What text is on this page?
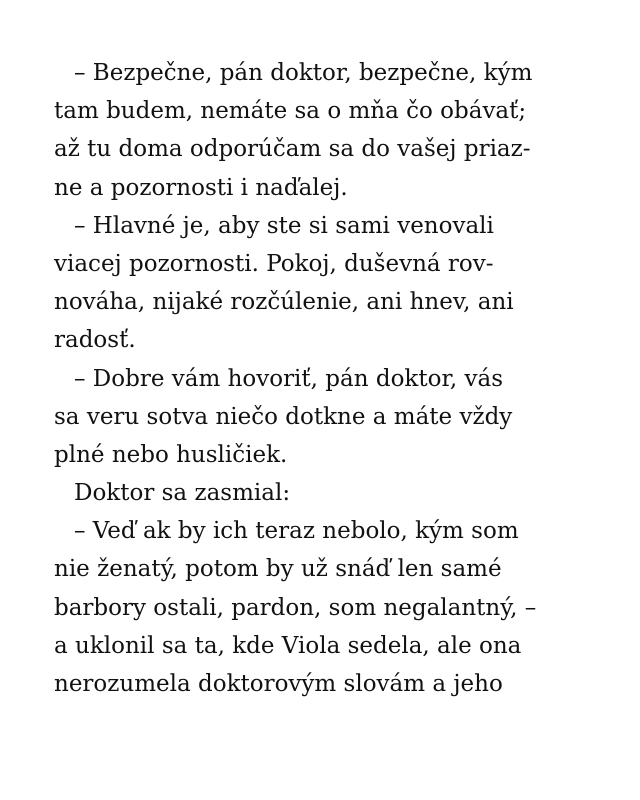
– Bezpečne, pán doktor, bezpečne, kým
tam budem, nemáte sa o mňa čo obávať;
až tu doma odporúčam sa do vašej priaz-
ne a pozornosti i naďalej.
– Hlavné je, aby ste si sami venovali
viacej pozornosti. Pokoj, duševná rov-
nováha, nijaké rozčúlenie, ani hnev, ani
radosť.
– Dobre vám hovoriť, pán doktor, vás
sa veru sotva niečo dotkne a máte vždy
plné nebo husličiek.
Doktor sa zasmial:
– Veď ak by ich teraz nebolo, kým som
nie ženatý, potom by už snáď len samé
barbory ostali, pardon, som negalantný, –
a uklonil sa ta, kde Viola sedela, ale ona
nerozumela doktorovým slovám a jeho
